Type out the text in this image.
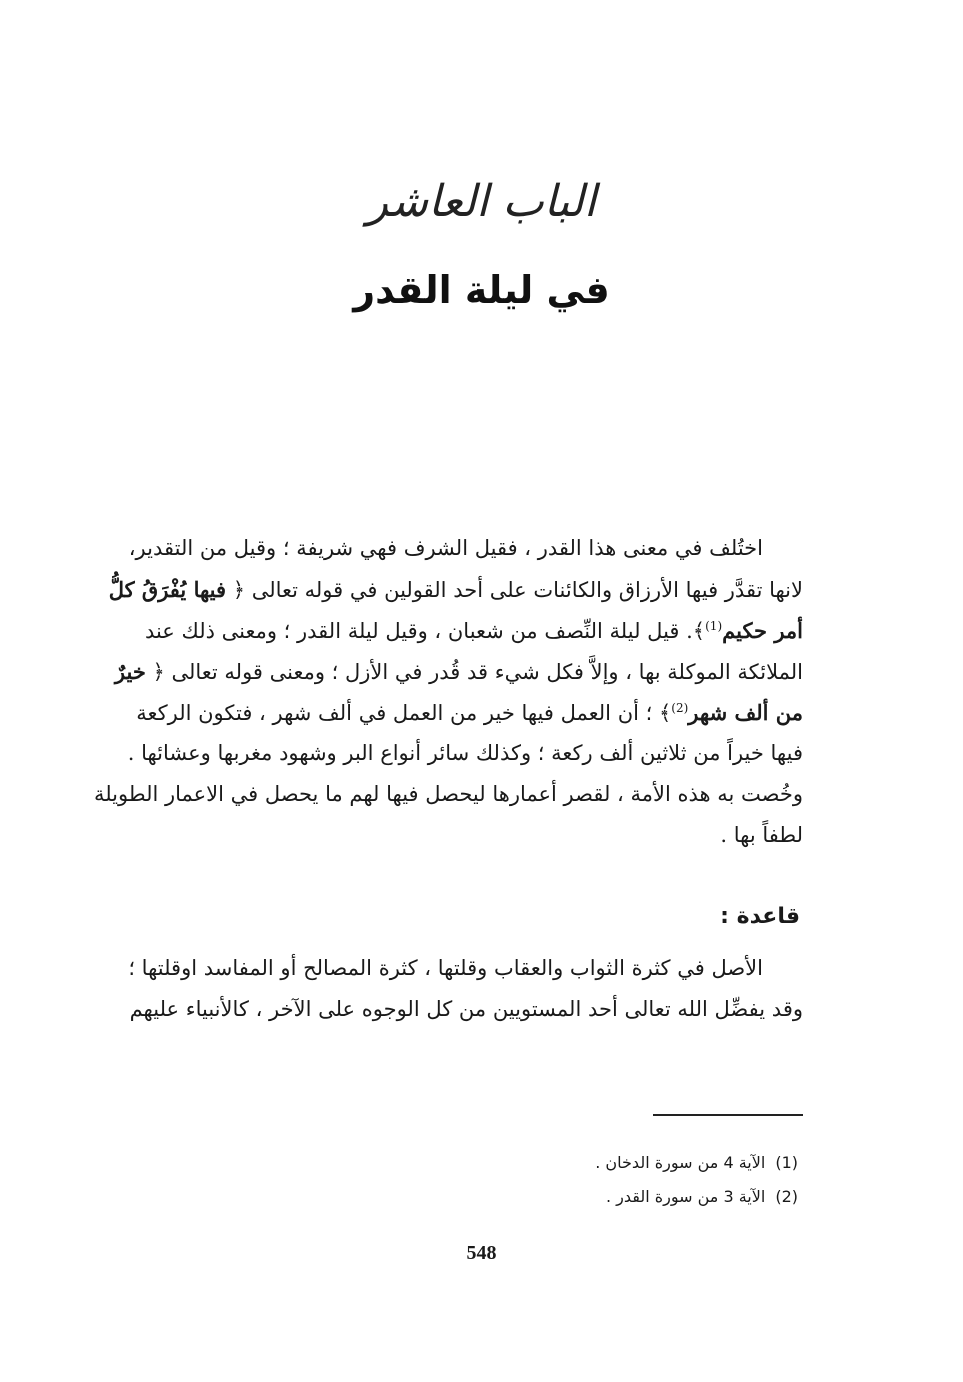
الباب العاشر
في ليلة القدر
اختُلف في معنى هذا القدر ، فقيل الشرف فهي شريفة ؛ وقيل من التقدير،
لانها تقدَّر فيها الأرزاق والكائنات على أحد القولين في قوله تعالى ﴿ فيها يُفْرَقُ كلُّ
أمر حكيم$^{(1)}$﴾. قيل ليلة النِّصف من شعبان ، وقيل ليلة القدر ؛ ومعنى ذلك عند
الملائكة الموكلة بها ، وإلاَّ فكل شيء قد قُدر في الأزل ؛ ومعنى قوله تعالى ﴿ خيرٌ
من ألف شهر$^{(2)}$﴾ ؛ أن العمل فيها خير من العمل في ألف شهر ، فتكون الركعة
فيها خيراً من ثلاثين ألف ركعة ؛ وكذلك سائر أنواع البر وشهود مغربها وعشائها .
وخُصت به هذه الأمة ، لقصر أعمارها ليحصل فيها لهم ما يحصل في الاعمار الطويلة
لطفاً بها .
قاعدة :
الأصل في كثرة الثواب والعقاب وقلتها ، كثرة المصالح أو المفاسد اوقلتها ؛
وقد يفضِّل الله تعالى أحد المستويين من كل الوجوه على الآخر ، كالأنبياء عليهم
(1)الآية 4 من سورة الدخان .
(2)الآية 3 من سورة القدر .
548
